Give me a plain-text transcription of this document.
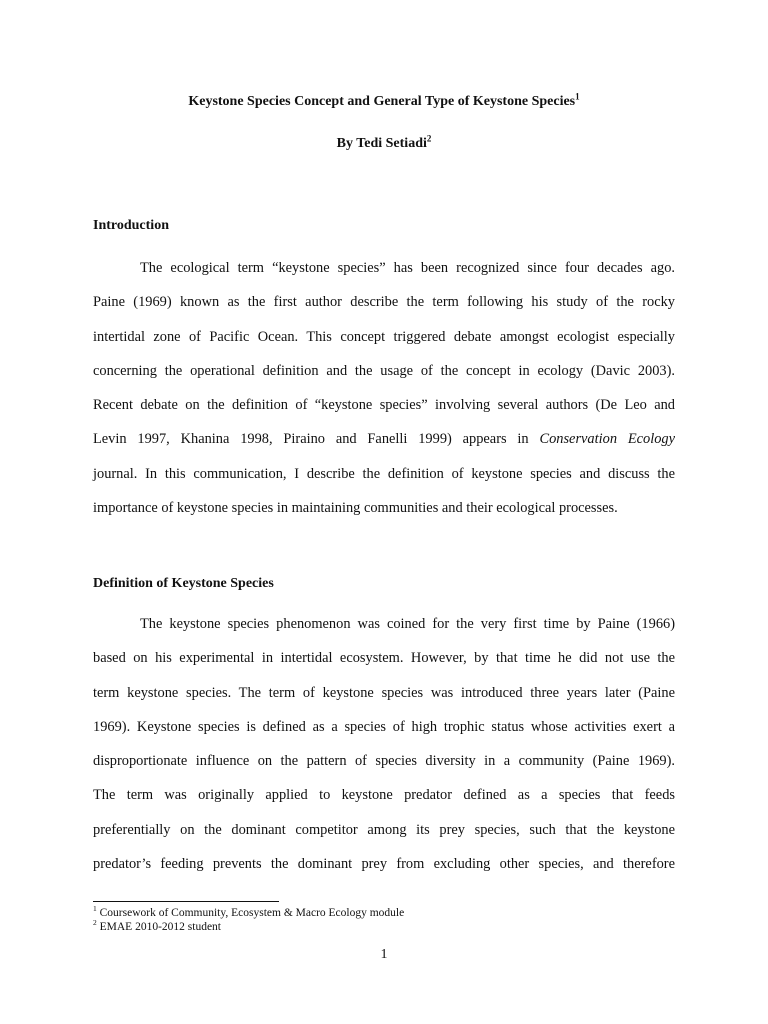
Keystone Species Concept and General Type of Keystone Species$^1$
By Tedi Setiadi$^2$
Introduction
The ecological term “keystone species” has been recognized since four decades ago.
Paine (1969) known as the first author describe the term following his study of the rocky
intertidal zone of Pacific Ocean. This concept triggered debate amongst ecologist especially
concerning the operational definition and the usage of the concept in ecology (Davic 2003).
Recent debate on the definition of “keystone species” involving several authors (De Leo and
Levin 1997, Khanina 1998, Piraino and Fanelli 1999) appears in Conservation Ecology
journal. In this communication, I describe the definition of keystone species and discuss the
importance of keystone species in maintaining communities and their ecological processes.
Definition of Keystone Species
The keystone species phenomenon was coined for the very first time by Paine (1966)
based on his experimental in intertidal ecosystem. However, by that time he did not use the
term keystone species. The term of keystone species was introduced three years later (Paine
1969). Keystone species is defined as a species of high trophic status whose activities exert a
disproportionate influence on the pattern of species diversity in a community (Paine 1969).
The term was originally applied to keystone predator defined as a species that feeds
preferentially on the dominant competitor among its prey species, such that the keystone
predator’s feeding prevents the dominant prey from excluding other species, and therefore
$^1$ Coursework of Community, Ecosystem & Macro Ecology module
$^2$ EMAE 2010-2012 student
1
